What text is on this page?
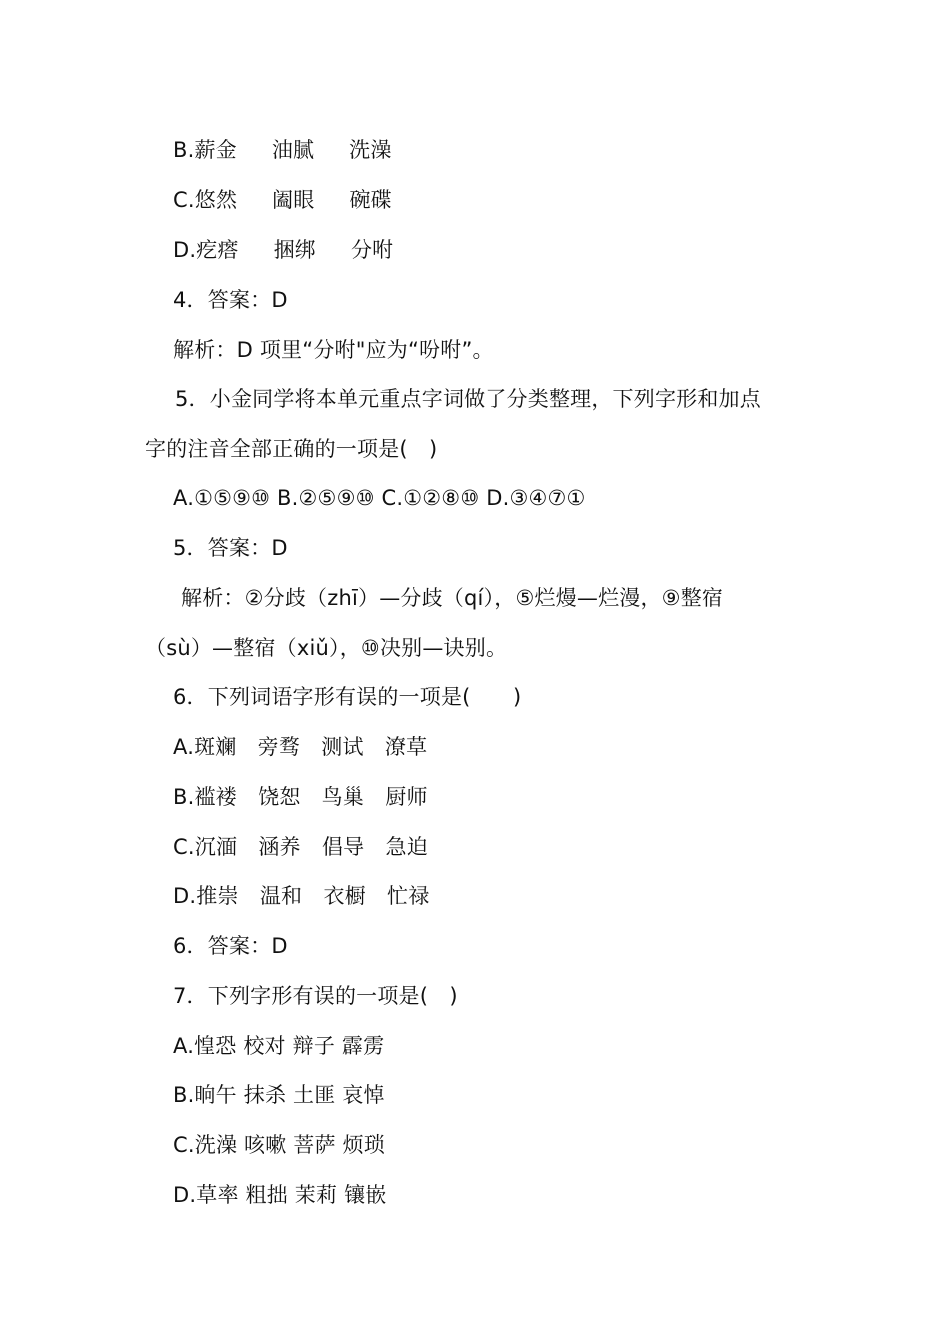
B.薪金　  油腻　  洗澡
C.悠然　  阖眼　  碗碟
D.疙瘩　  捆绑　  分咐
4．答案：D
解析：D 项里“分咐"应为“吩咐”。
5．小金同学将本单元重点字词做了分类整理，下列字形和加点
字的注音全部正确的一项是(　)
A.①⑤⑨⑩ B.②⑤⑨⑩ C.①②⑧⑩ D.③④⑦①
5．答案：D
解析：②分歧（zhī）—分歧（qí），⑤烂熳—烂漫，⑨整宿
（sù）—整宿（xiǔ），⑩决别—诀别。
6．下列词语字形有误的一项是(　　)
A.斑斓　旁骛　测试　潦草
B.褴褛　饶恕　鸟巢　厨师
C.沉湎　涵养　倡导　急迫
D.推崇　温和　衣橱　忙禄
6．答案：D
7．下列字形有误的一项是(　)
A.惶恐 校对 辩子 霹雳
B.晌午 抹杀 土匪 哀悼
C.洗澡 咳嗽 菩萨 烦琐
D.草率 粗拙 茉莉 镶嵌
